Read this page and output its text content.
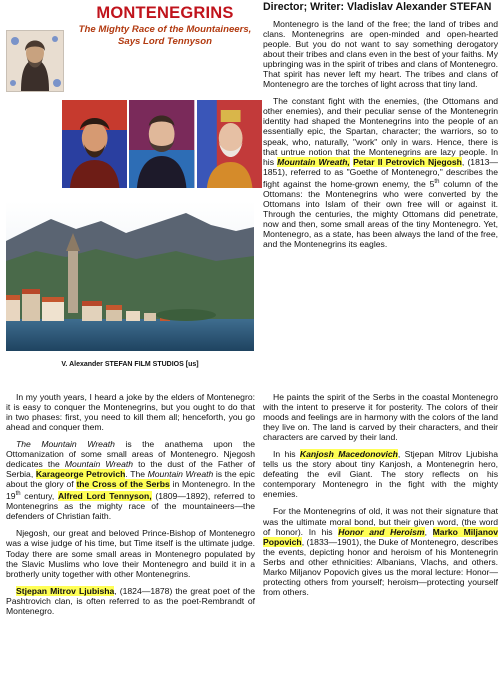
MONTENEGRINS
The Mighty Race of the Mountaineers,
Says Lord Tennyson
Director; Writer: Vladislav Alexander STEFAN
V. Alexander STEFAN FILM STUDIOS [us]

Montenegro is the land of the free; the land of tribes and clans. Montenegrins are open-minded and open-hearted people. But you do not want to say something derogatory about their tribes and clans even in the best of your faiths. My upbringing was in the spirit of tribes and clans of Montenegro. That spirit has never left my heart. The tribes and clans of Montenegro are the torches of light across that tiny land.

The constant fight with the enemies, (the Ottomans and other enemies), and their peculiar sense of the Montenegrin identity had shaped the Montenegrins into the people of an essentially epic, the Spartan, character; the warriors, so to speak, who, naturally, "work" only in wars. Hence, there is that untrue notion that the Montenegrins are lazy people. In his Mountain Wreath, Petar II Petrovich Njegosh, (1813—1851), referred to as "Goethe of Montenegro," describes the fight against the home-grown enemy, the 5th column of the Ottomans: the Montenegrins who were converted by the Ottomans into Islam of their own free will or against it. Through the centuries, the mighty Ottomans did penetrate, now and then, some small areas of the tiny Montenegro. Yet, Montenegro, as a state, has been always the land of the free, and the Montenegrins its eagles.

In my youth years, I heard a joke by the elders of Montenegro: it is easy to conquer the Montenegrins, but you ought to do that in two phases: first, you need to kill them all; henceforth, you go ahead and conquer them.

The Mountain Wreath is the anathema upon the Ottomanization of some small areas of Montenegro. Njegosh dedicates the Mountain Wreath to the dust of the Father of Serbia, Karageorge Petrovich. The Mountain Wreath is the epic about the glory of the Cross of the Serbs in Montenegro. In the 19th century, Alfred Lord Tennyson, (1809—1892), referred to Montenegrins as the mighty race of the mountaineers—the defenders of Christian faith.

Njegosh, our great and beloved Prince-Bishop of Montenegro was a wise judge of his time, but Time itself is the ultimate judge. Today there are some small areas in Montenegro populated by the Slavic Muslims who love their Montenegro and build it in a brotherly unity together with other Montenegrins.

Stjepan Mitrov Ljubisha, (1824—1878) the great poet of the Pashtrovich clan, is often referred to as the poet-Rembrandt of Montenegro.

He paints the spirit of the Serbs in the coastal Montenegro with the intent to preserve it for posterity. The colors of their moods and feelings are in harmony with the colors of the land they live on. The land is carved by their characters, and their characters are carved by their land.

In his Kanjosh Macedonovich, Stjepan Mitrov Ljubisha tells us the story about tiny Kanjosh, a Montenegrin hero, defeating the evil Giant. The story reflects on his contemporary Montenegro in the fight with the mighty enemies.

For the Montenegrins of old, it was not their signature that was the ultimate moral bond, but their given word, (the word of honor). In his Honor and Heroism, Marko Miljanov Popovich, (1833—1901), the Duke of Montenegro, describes the events, depicting honor and heroism of his Montenegrin Serbs and other ethnicities: Albanians, Vlachs, and others. Marko Miljanov Popovich gives us the moral lecture: Honor—protecting others from yourself; heroism—protecting yourself from others.
